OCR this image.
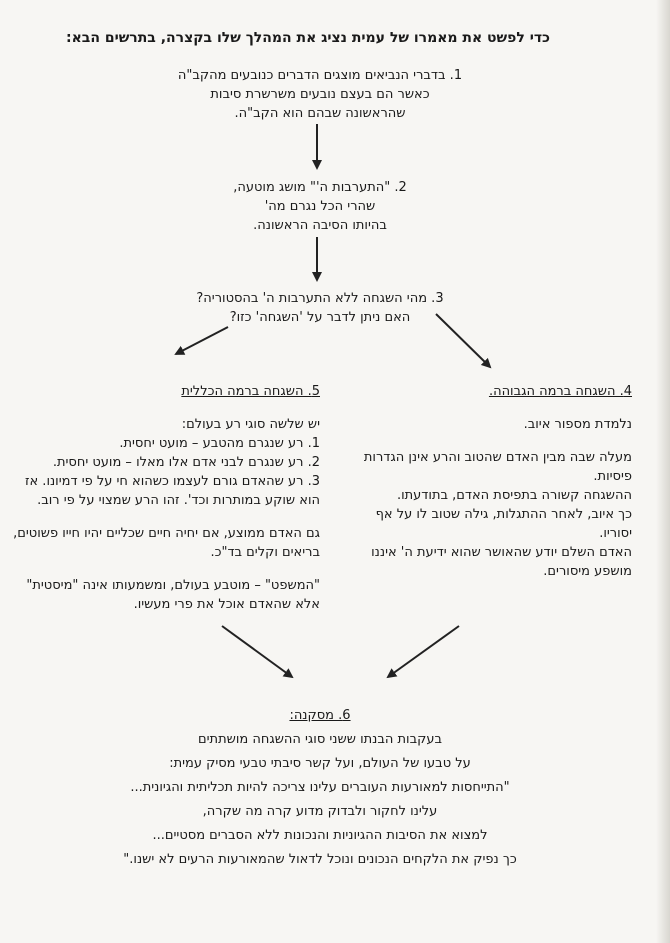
כדי לפשט את מאמרו של עמית נציג את המהלך שלו בקצרה, בתרשים הבא:
1. בדברי הנביאים מוצגים הדברים כנובעים מהקב"ה
כאשר הם בעצם נובעים משרשרת סיבות
שהראשונה שבהם הוא הקב"ה.
2. "התערבות ה'" מושג מוטעה,
שהרי הכל נגרם מה'
בהיותו הסיבה הראשונה.
3. מהי השגחה ללא התערבות ה' בהסטוריה?
האם ניתן לדבר על 'השגחה' כזו?
4. השגחה ברמה הגבוהה.
נלמדת מספור איוב.
מעלה שבה מבין האדם שהטוב והרע אינן הגדרות
פיסיות.
ההשגחה קשורה בתפיסת האדם, בתודעתו.
כך איוב, לאחר ההתגלות, גילה שטוב לו על אף
יסוריו.
האדם השלם יודע שהאושר שהוא ידיעת ה' איננו
מושפע מיסורים.
5. השגחה ברמה הכללית
יש שלשה סוגי רע בעולם:
1. רע שנגרם מהטבע – מועט יחסית.
2. רע שנגרם לבני אדם אלו מאלו – מועט יחסית.
3. רע שהאדם גורם לעצמו כשהוא חי על פי דמיונו. אז
הוא שוקע במותרות וכד'. זהו הרע שמצוי על פי רוב.
גם האדם ממוצע, אם יחיה חיים שכליים יהיו חייו פשוטים,
בריאים וקלים בד"כ.
"המשפט" – מוטבע בעולם, ומשמעותו אינה "מיסטית"
אלא שהאדם אוכל את פרי מעשיו.
6. מסקנה:
בעקבות הבנתו ששני סוגי ההשגחה מושתתים
על טבעו של העולם, ועל קשר סיבתי טבעי מסיק עמית:
"התייחסות למאורעות העוברים עלינו צריכה להיות תכליתית והגיונית...
עלינו לחקור ולבדוק מדוע קרה מה שקרה,
למצוא את הסיבות ההגיוניות והנכונות ללא הסברים מסטיים...
כך נפיק את הלקחים הנכונים ונוכל לדאול שהמאורעות הרעים לא ישנו."
